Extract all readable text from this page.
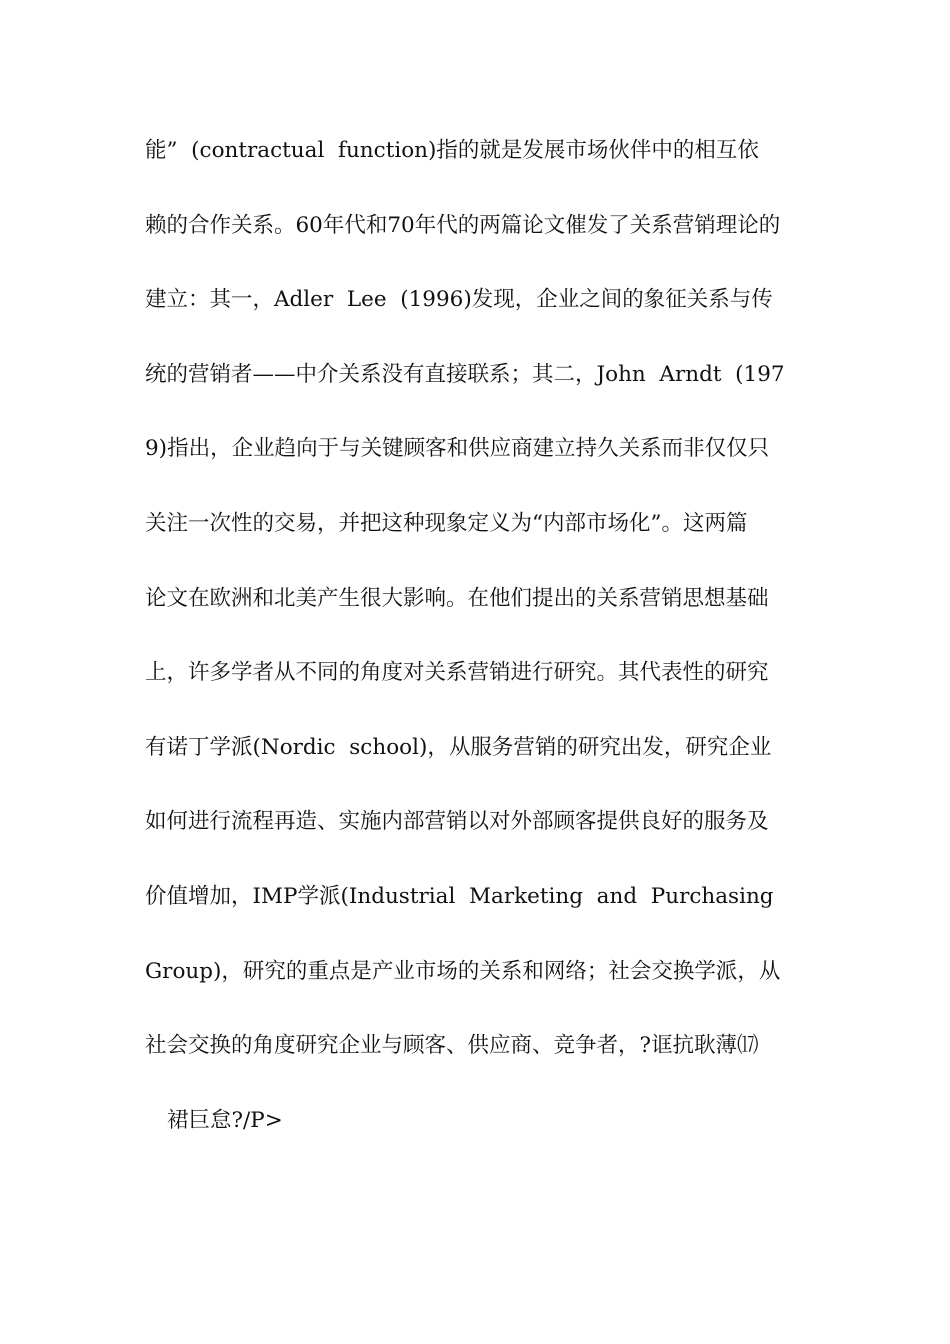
能”  (contractual  function)指的就是发展市场伙伴中的相互依
赖的合作关系。60年代和70年代的两篇论文催发了关系营销理论的
建立：其一，Adler  Lee  (1996)发现，企业之间的象征关系与传
统的营销者——中介关系没有直接联系；其二，John  Arndt  (197
9)指出，企业趋向于与关键顾客和供应商建立持久关系而非仅仅只
关注一次性的交易，并把这种现象定义为“内部市场化”。这两篇
论文在欧洲和北美产生很大影响。在他们提出的关系营销思想基础
上，许多学者从不同的角度对关系营销进行研究。其代表性的研究
有诺丁学派(Nordic  school)，从服务营销的研究出发，研究企业
如何进行流程再造、实施内部营销以对外部顾客提供良好的服务及
价值增加，IMP学派(Industrial  Marketing  and  Purchasing
Group)，研究的重点是产业市场的关系和网络；社会交换学派，从
社会交换的角度研究企业与顾客、供应商、竞争者，?诓抗耿薄⒄
裙巨怠?/P>
